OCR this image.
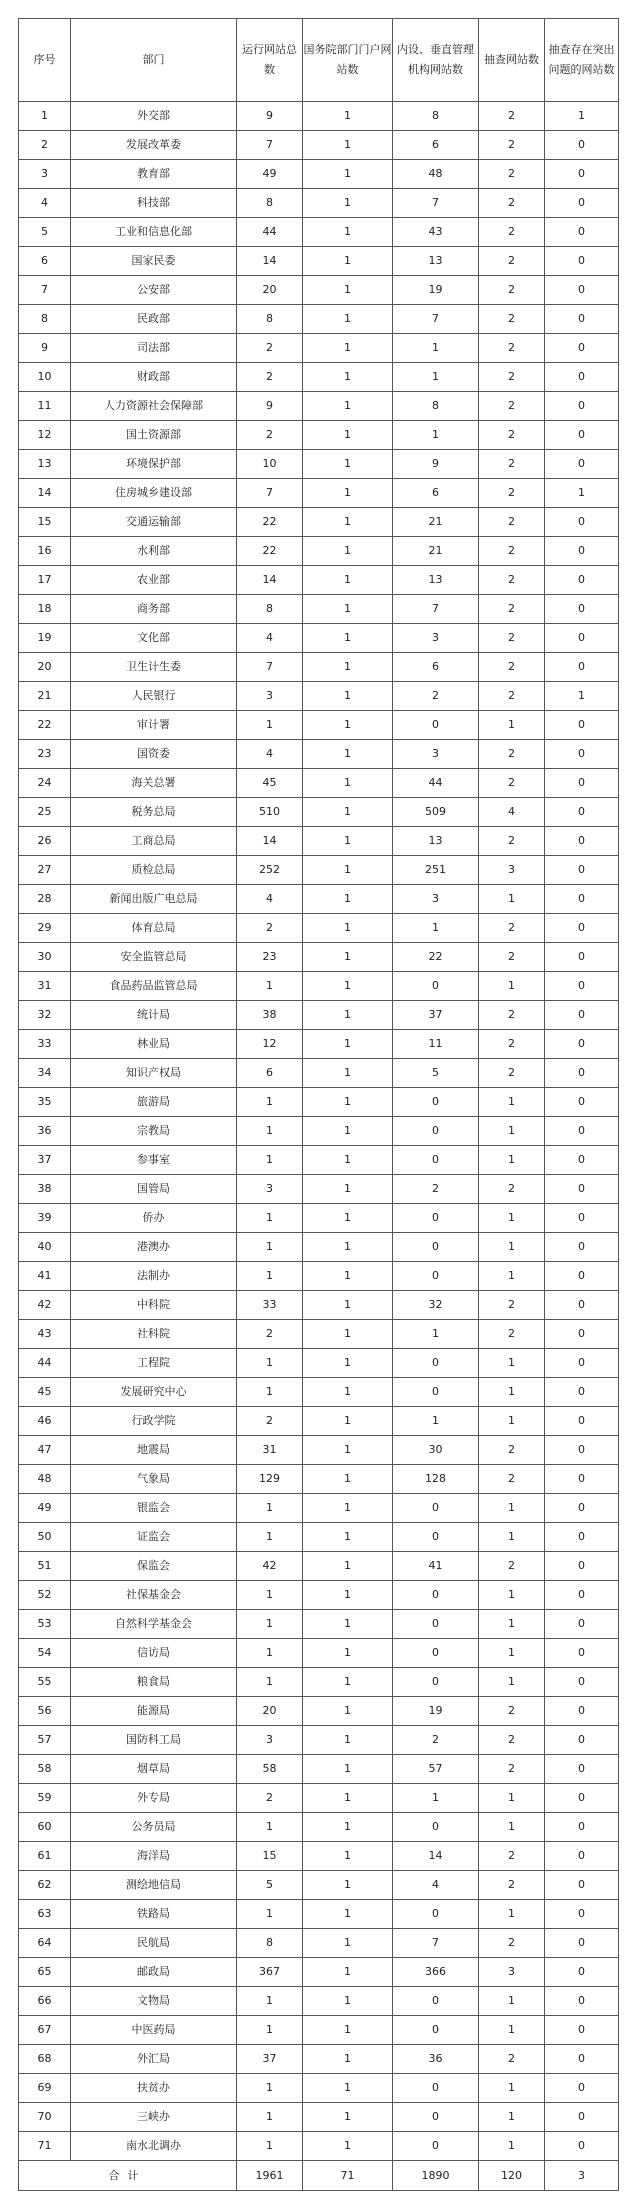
序号	部门	运行网站总数	国务院部门门户网站数	内设、垂直管理机构网站数	抽查网站数	抽查存在突出问题的网站数
1	外交部	9	1	8	2	1
2	发展改革委	7	1	6	2	0
3	教育部	49	1	48	2	0
4	科技部	8	1	7	2	0
5	工业和信息化部	44	1	43	2	0
6	国家民委	14	1	13	2	0
7	公安部	20	1	19	2	0
8	民政部	8	1	7	2	0
9	司法部	2	1	1	2	0
10	财政部	2	1	1	2	0
11	人力资源社会保障部	9	1	8	2	0
12	国土资源部	2	1	1	2	0
13	环境保护部	10	1	9	2	0
14	住房城乡建设部	7	1	6	2	1
15	交通运输部	22	1	21	2	0
16	水利部	22	1	21	2	0
17	农业部	14	1	13	2	0
18	商务部	8	1	7	2	0
19	文化部	4	1	3	2	0
20	卫生计生委	7	1	6	2	0
21	人民银行	3	1	2	2	1
22	审计署	1	1	0	1	0
23	国资委	4	1	3	2	0
24	海关总署	45	1	44	2	0
25	税务总局	510	1	509	4	0
26	工商总局	14	1	13	2	0
27	质检总局	252	1	251	3	0
28	新闻出版广电总局	4	1	3	1	0
29	体育总局	2	1	1	2	0
30	安全监管总局	23	1	22	2	0
31	食品药品监管总局	1	1	0	1	0
32	统计局	38	1	37	2	0
33	林业局	12	1	11	2	0
34	知识产权局	6	1	5	2	0
35	旅游局	1	1	0	1	0
36	宗教局	1	1	0	1	0
37	参事室	1	1	0	1	0
38	国管局	3	1	2	2	0
39	侨办	1	1	0	1	0
40	港澳办	1	1	0	1	0
41	法制办	1	1	0	1	0
42	中科院	33	1	32	2	0
43	社科院	2	1	1	2	0
44	工程院	1	1	0	1	0
45	发展研究中心	1	1	0	1	0
46	行政学院	2	1	1	1	0
47	地震局	31	1	30	2	0
48	气象局	129	1	128	2	0
49	银监会	1	1	0	1	0
50	证监会	1	1	0	1	0
51	保监会	42	1	41	2	0
52	社保基金会	1	1	0	1	0
53	自然科学基金会	1	1	0	1	0
54	信访局	1	1	0	1	0
55	粮食局	1	1	0	1	0
56	能源局	20	1	19	2	0
57	国防科工局	3	1	2	2	0
58	烟草局	58	1	57	2	0
59	外专局	2	1	1	1	0
60	公务员局	1	1	0	1	0
61	海洋局	15	1	14	2	0
62	测绘地信局	5	1	4	2	0
63	铁路局	1	1	0	1	0
64	民航局	8	1	7	2	0
65	邮政局	367	1	366	3	0
66	文物局	1	1	0	1	0
67	中医药局	1	1	0	1	0
68	外汇局	37	1	36	2	0
69	扶贫办	1	1	0	1	0
70	三峡办	1	1	0	1	0
71	南水北调办	1	1	0	1	0
合计		1961	71	1890	120	3
